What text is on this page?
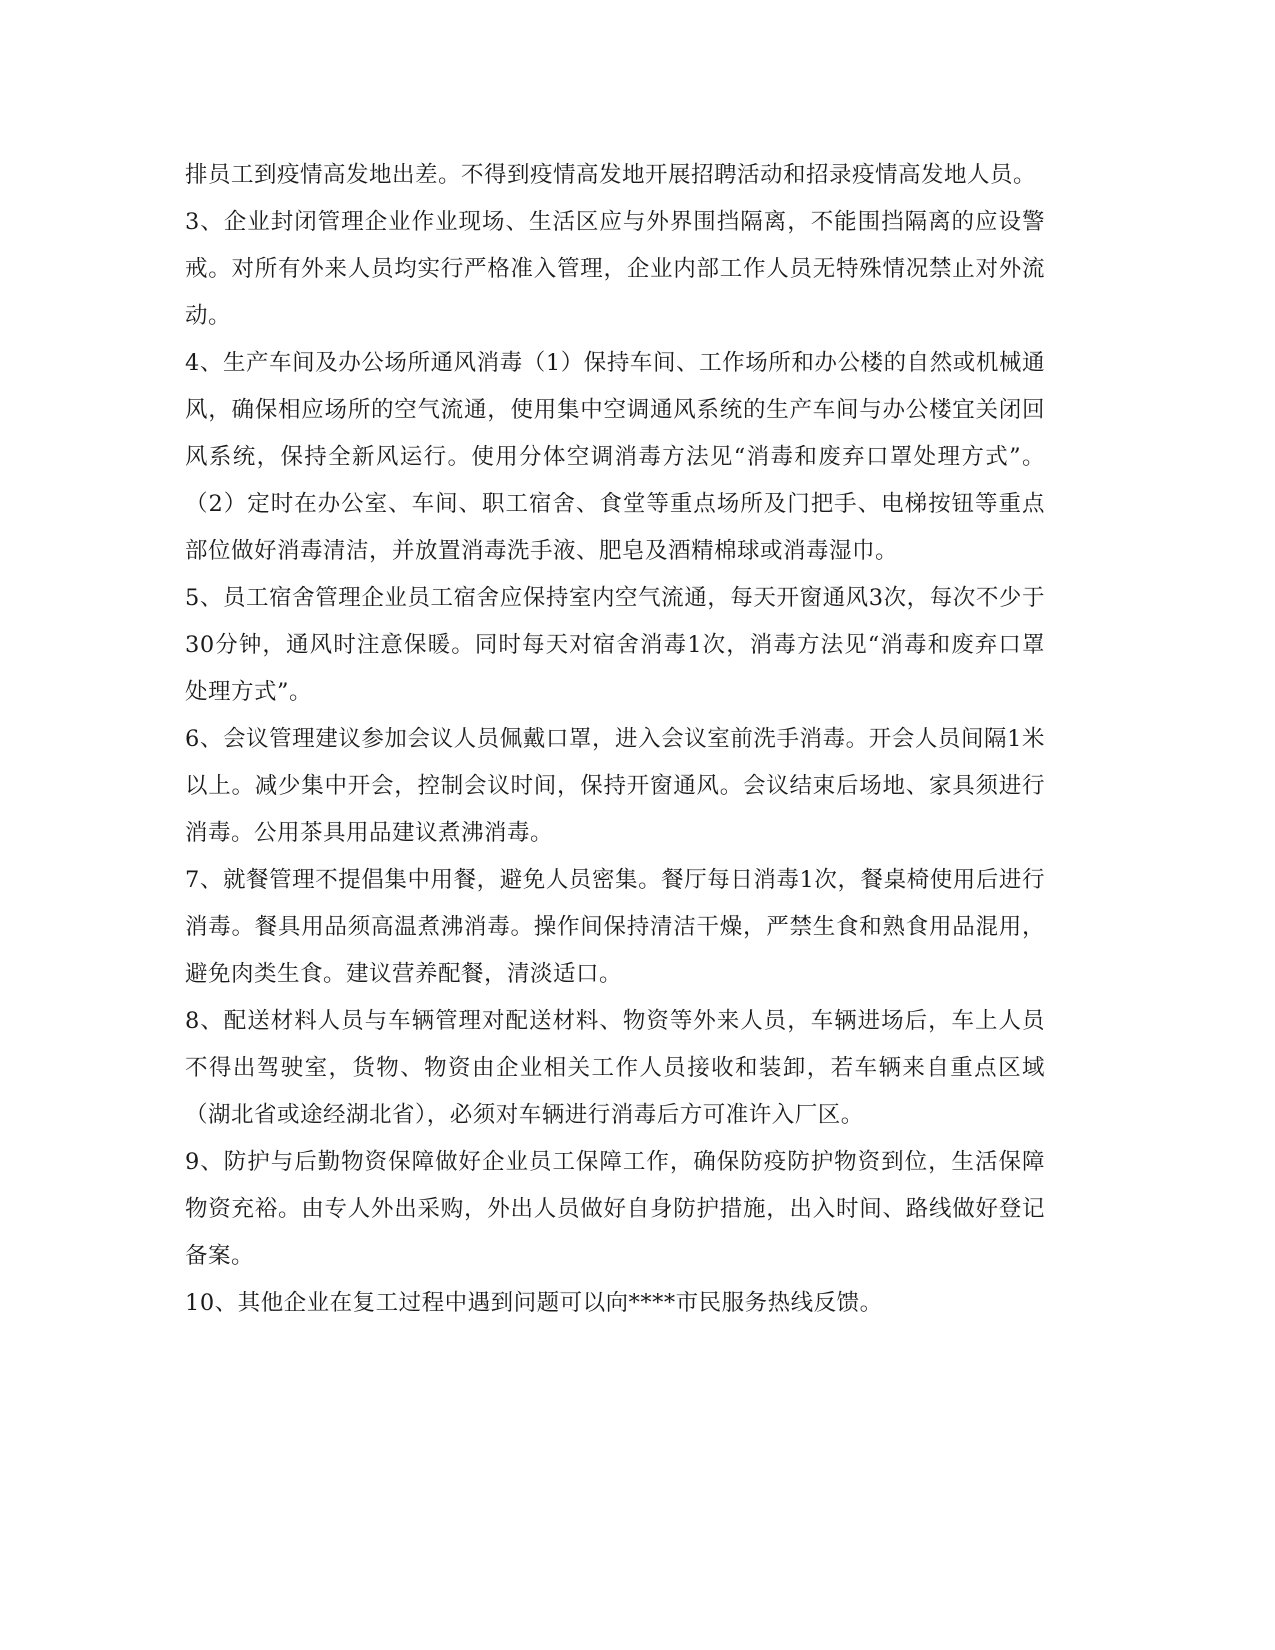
排员工到疫情高发地出差。不得到疫情高发地开展招聘活动和招录疫情高发地人员。

3、企业封闭管理企业作业现场、生活区应与外界围挡隔离，不能围挡隔离的应设警戒。对所有外来人员均实行严格准入管理，企业内部工作人员无特殊情况禁止对外流动。

4、生产车间及办公场所通风消毒（1）保持车间、工作场所和办公楼的自然或机械通风，确保相应场所的空气流通，使用集中空调通风系统的生产车间与办公楼宜关闭回风系统，保持全新风运行。使用分体空调消毒方法见“消毒和废弃口罩处理方式”。（2）定时在办公室、车间、职工宿舍、食堂等重点场所及门把手、电梯按钮等重点部位做好消毒清洁，并放置消毒洗手液、肥皂及酒精棉球或消毒湿巾。

5、员工宿舍管理企业员工宿舍应保持室内空气流通，每天开窗通风3次，每次不少于30分钟，通风时注意保暖。同时每天对宿舍消毒1次，消毒方法见“消毒和废弃口罩处理方式”。

6、会议管理建议参加会议人员佩戴口罩，进入会议室前洗手消毒。开会人员间隔1米以上。减少集中开会，控制会议时间，保持开窗通风。会议结束后场地、家具须进行消毒。公用茶具用品建议煮沸消毒。

7、就餐管理不提倡集中用餐，避免人员密集。餐厅每日消毒1次，餐桌椅使用后进行消毒。餐具用品须高温煮沸消毒。操作间保持清洁干燥，严禁生食和熟食用品混用，避免肉类生食。建议营养配餐，清淡适口。

8、配送材料人员与车辆管理对配送材料、物资等外来人员，车辆进场后，车上人员不得出驾驶室，货物、物资由企业相关工作人员接收和装卸，若车辆来自重点区域（湖北省或途经湖北省），必须对车辆进行消毒后方可准许入厂区。

9、防护与后勤物资保障做好企业员工保障工作，确保防疫防护物资到位，生活保障物资充裕。由专人外出采购，外出人员做好自身防护措施，出入时间、路线做好登记备案。

10、其他企业在复工过程中遇到问题可以向****市民服务热线反馈。
